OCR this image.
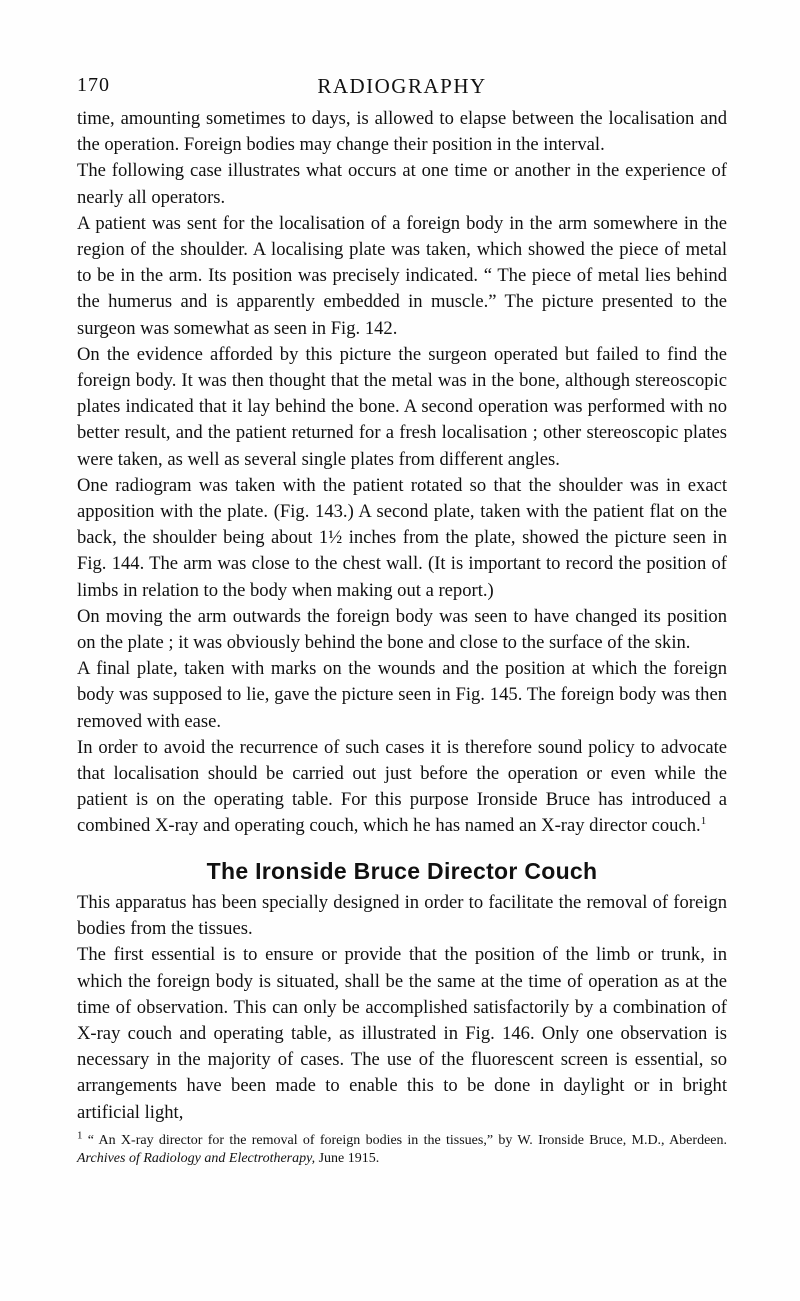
170	RADIOGRAPHY

time, amounting sometimes to days, is allowed to elapse between the localisation and the operation. Foreign bodies may change their position in the interval.

The following case illustrates what occurs at one time or another in the experience of nearly all operators.

A patient was sent for the localisation of a foreign body in the arm somewhere in the region of the shoulder. A localising plate was taken, which showed the piece of metal to be in the arm. Its position was precisely indicated. “ The piece of metal lies behind the humerus and is apparently embedded in muscle.” The picture presented to the surgeon was somewhat as seen in Fig. 142.

On the evidence afforded by this picture the surgeon operated but failed to find the foreign body. It was then thought that the metal was in the bone, although stereoscopic plates indicated that it lay behind the bone. A second operation was performed with no better result, and the patient returned for a fresh localisation ; other stereoscopic plates were taken, as well as several single plates from different angles.

One radiogram was taken with the patient rotated so that the shoulder was in exact apposition with the plate. (Fig. 143.) A second plate, taken with the patient flat on the back, the shoulder being about 1½ inches from the plate, showed the picture seen in Fig. 144. The arm was close to the chest wall. (It is important to record the position of limbs in relation to the body when making out a report.)

On moving the arm outwards the foreign body was seen to have changed its position on the plate ; it was obviously behind the bone and close to the surface of the skin.

A final plate, taken with marks on the wounds and the position at which the foreign body was supposed to lie, gave the picture seen in Fig. 145. The foreign body was then removed with ease.

In order to avoid the recurrence of such cases it is therefore sound policy to advocate that localisation should be carried out just before the operation or even while the patient is on the operating table. For this purpose Ironside Bruce has introduced a combined X-ray and operating couch, which he has named an X-ray director couch.$^1$

The Ironside Bruce Director Couch

This apparatus has been specially designed in order to facilitate the removal of foreign bodies from the tissues.

The first essential is to ensure or provide that the position of the limb or trunk, in which the foreign body is situated, shall be the same at the time of operation as at the time of observation. This can only be accomplished satisfactorily by a combination of X-ray couch and operating table, as illustrated in Fig. 146. Only one observation is necessary in the majority of cases. The use of the fluorescent screen is essential, so arrangements have been made to enable this to be done in daylight or in bright artificial light,

$^1$ “ An X-ray director for the removal of foreign bodies in the tissues,” by W. Ironside Bruce, M.D., Aberdeen. Archives of Radiology and Electrotherapy, June 1915.
